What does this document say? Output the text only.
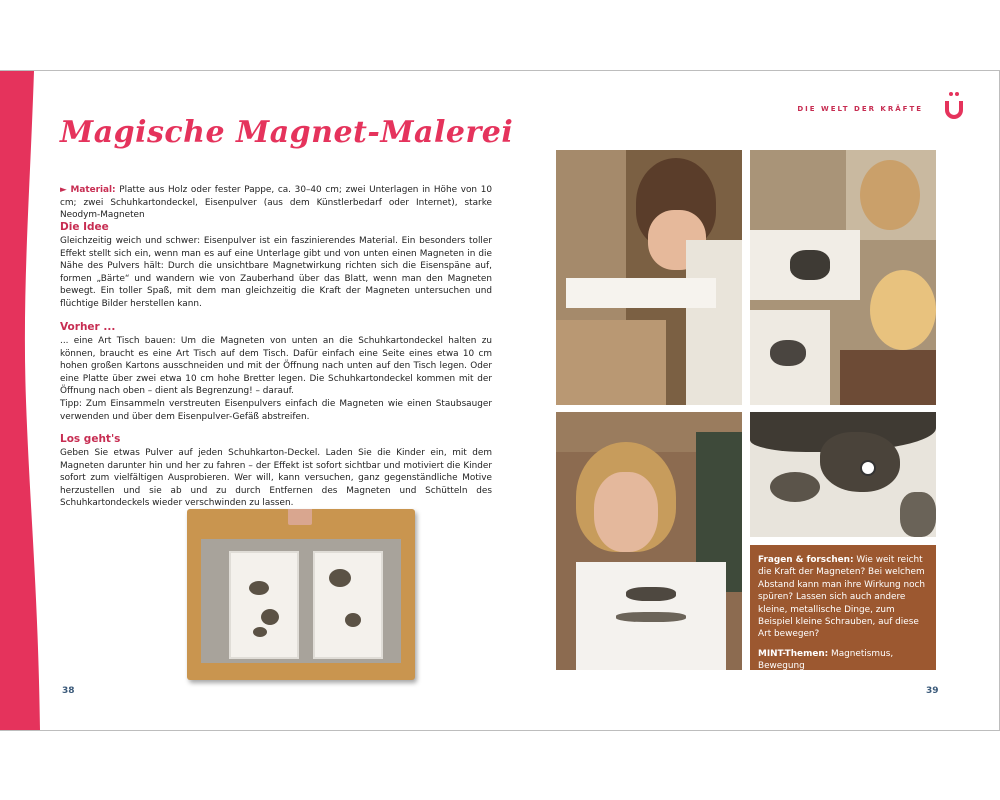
Magische Magnet-Malerei
► Material: Platte aus Holz oder fester Pappe, ca. 30–40 cm; zwei Unterlagen in Höhe von 10 cm; zwei Schuhkartondeckel, Eisenpulver (aus dem Künstlerbedarf oder Internet), starke Neodym-Magneten
Die Idee
Gleichzeitig weich und schwer: Eisenpulver ist ein faszinierendes Material. Ein besonders toller Effekt stellt sich ein, wenn man es auf eine Unterlage gibt und von unten einen Magneten in die Nähe des Pulvers hält: Durch die unsichtbare Magnetwirkung richten sich die Eisenspäne auf, formen „Bärte“ und wandern wie von Zauberhand über das Blatt, wenn man den Magneten bewegt. Ein toller Spaß, mit dem man gleichzeitig die Kraft der Magneten untersuchen und flüchtige Bilder herstellen kann.
Vorher ...
... eine Art Tisch bauen: Um die Magneten von unten an die Schuhkartondeckel halten zu können, braucht es eine Art Tisch auf dem Tisch. Dafür einfach eine Seite eines etwa 10 cm hohen großen Kartons ausschneiden und mit der Öffnung nach unten auf den Tisch legen. Oder eine Platte über zwei etwa 10 cm hohe Bretter legen. Die Schuhkartondeckel kommen mit der Öffnung nach oben – dient als Begrenzung! – darauf.
Tipp: Zum Einsammeln verstreuten Eisenpulvers einfach die Magneten wie einen Staubsauger verwenden und über dem Eisenpulver-Gefäß abstreifen.
Los geht's
Geben Sie etwas Pulver auf jeden Schuhkarton-Deckel. Laden Sie die Kinder ein, mit dem Magneten darunter hin und her zu fahren – der Effekt ist sofort sichtbar und motiviert die Kinder sofort zum vielfältigen Ausprobieren. Wer will, kann versuchen, ganz gegenständliche Motive herzustellen und sie ab und zu durch Entfernen des Magneten und Schütteln des Schuhkartondeckels wieder verschwinden zu lassen.
38
DIE WELT DER KRÄFTE
Fragen & forschen: Wie weit reicht die Kraft der Magneten? Bei welchem Abstand kann man ihre Wirkung noch spüren? Lassen sich auch andere kleine, metallische Dinge, zum Beispiel kleine Schrauben, auf diese Art bewegen?
MINT-Themen: Magnetismus, Bewegung
39
